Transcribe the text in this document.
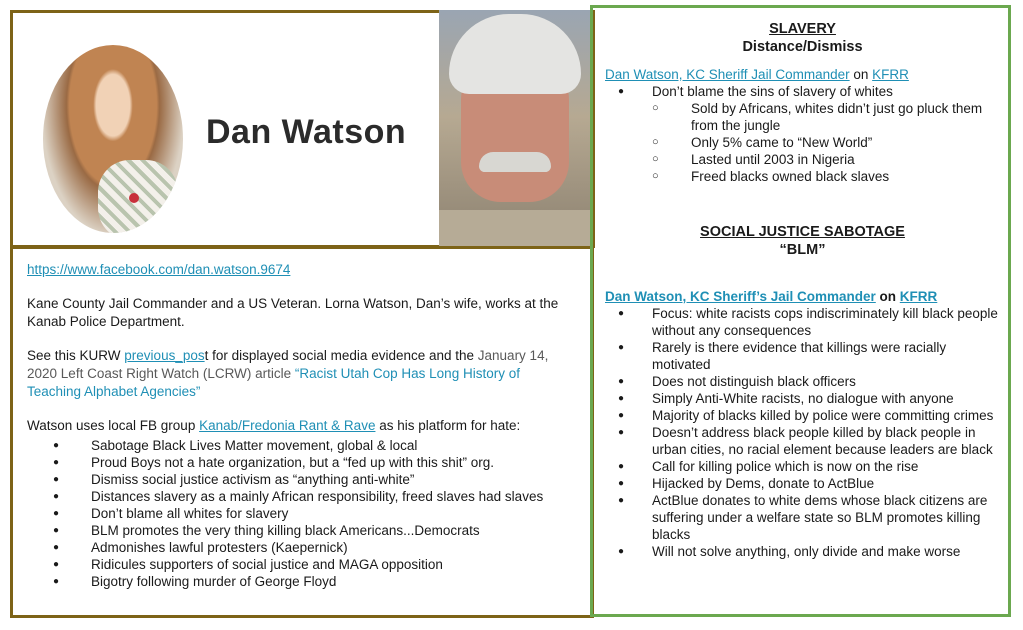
Dan Watson

https://www.facebook.com/dan.watson.9674

Kane County Jail Commander and a US Veteran. Lorna Watson, Dan’s wife, works at the Kanab Police Department.

See this KURW previous_post for displayed social media evidence and the January 14, 2020 Left Coast Right Watch (LCRW) article “Racist Utah Cop Has Long History of Teaching Alphabet Agencies”

Watson uses local FB group Kanab/Fredonia Rant & Rave as his platform for hate:

● Sabotage Black Lives Matter movement, global & local
● Proud Boys not a hate organization, but a “fed up with this shit” org.
● Dismiss social justice activism as “anything anti-white”
● Distances slavery as a mainly African responsibility, freed slaves had slaves
● Don’t blame all whites for slavery
● BLM promotes the very thing killing black Americans...Democrats
● Admonishes lawful protesters (Kaepernick)
● Ridicules supporters of social justice and MAGA opposition
● Bigotry following murder of George Floyd
SLAVERY
Distance/Dismiss
Dan Watson, KC Sheriff Jail Commander on KFRR
● Don’t blame the sins of slavery of whites
○ Sold by Africans, whites didn’t just go pluck them from the jungle
○ Only 5% came to “New World”
○ Lasted until 2003 in Nigeria
○ Freed blacks owned black slaves
SOCIAL JUSTICE SABOTAGE
“BLM”
Dan Watson, KC Sheriff’s Jail Commander on KFRR
● Focus: white racists cops indiscriminately kill black people without any consequences
● Rarely is there evidence that killings were racially motivated
● Does not distinguish black officers
● Simply Anti-White racists, no dialogue with anyone
● Majority of blacks killed by police were committing crimes
● Doesn’t address black people killed by black people in urban cities, no racial element because leaders are black
● Call for killing police which is now on the rise
● Hijacked by Dems, donate to ActBlue
● ActBlue donates to white dems whose black citizens are suffering under a welfare state so BLM promotes killing blacks
● Will not solve anything, only divide and make worse
